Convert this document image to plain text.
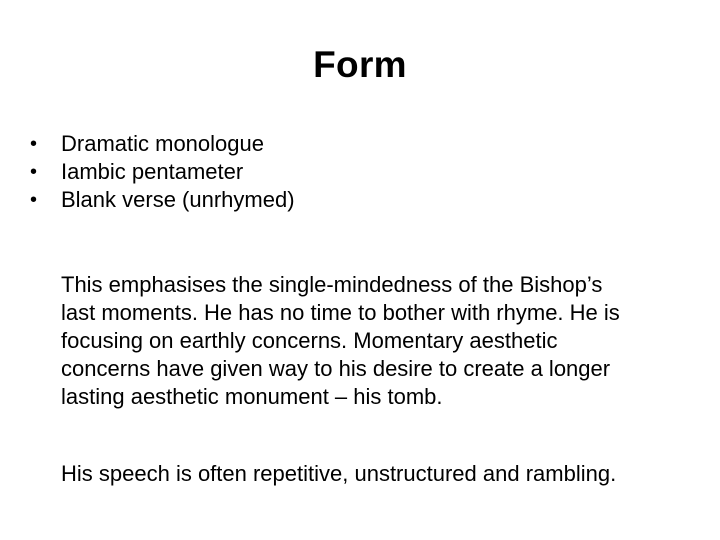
Form
• Dramatic monologue
• Iambic pentameter
• Blank verse (unrhymed)

This emphasises the single-mindedness of the Bishop’s
last moments. He has no time to bother with rhyme. He is
focusing on earthly concerns. Momentary aesthetic
concerns have given way to his desire to create a longer
lasting aesthetic monument – his tomb.

His speech is often repetitive, unstructured and rambling.
